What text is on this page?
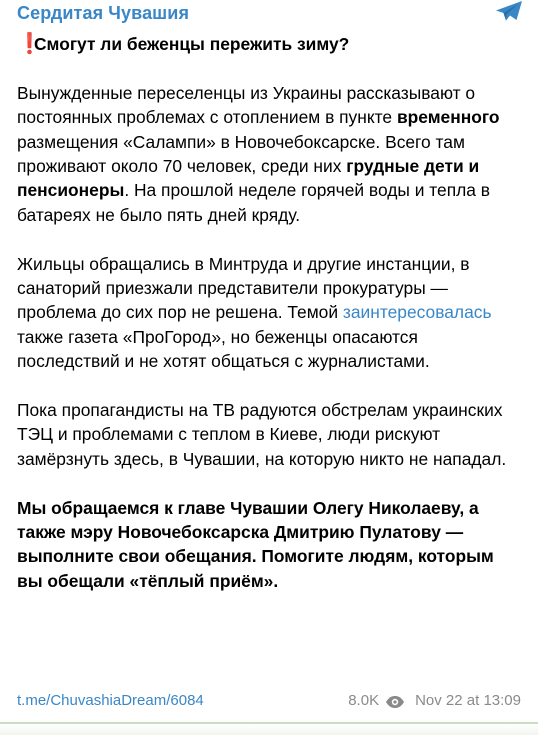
Сердитая Чувашия

❗
Смогут ли беженцы пережить зиму?

Вынужденные переселенцы из Украины рассказывают о постоянных проблемах с отоплением в пункте временного размещения «Салампи» в Новочебоксарске. Всего там проживают около 70 человек, среди них грудные дети и пенсионеры. На прошлой неделе горячей воды и тепла в батареях не было пять дней кряду.

Жильцы обращались в Минтруда и другие инстанции, в санаторий приезжали представители прокуратуры — проблема до сих пор не решена. Темой заинтересовалась также газета «ПроГород», но беженцы опасаются последствий и не хотят общаться с журналистами.

Пока пропагандисты на ТВ радуются обстрелам украинских ТЭЦ и проблемами с теплом в Киеве, люди рискуют замёрзнуть здесь, в Чувашии, на которую никто не нападал.

Мы обращаемся к главе Чувашии Олегу Николаеву, а также мэру Новочебоксарска Дмитрию Пулатову — выполните свои обещания. Помогите людям, которым вы обещали «тёплый приём».

t.me/ChuvashiaDream/6084	8.0K Nov 22 at 13:09
